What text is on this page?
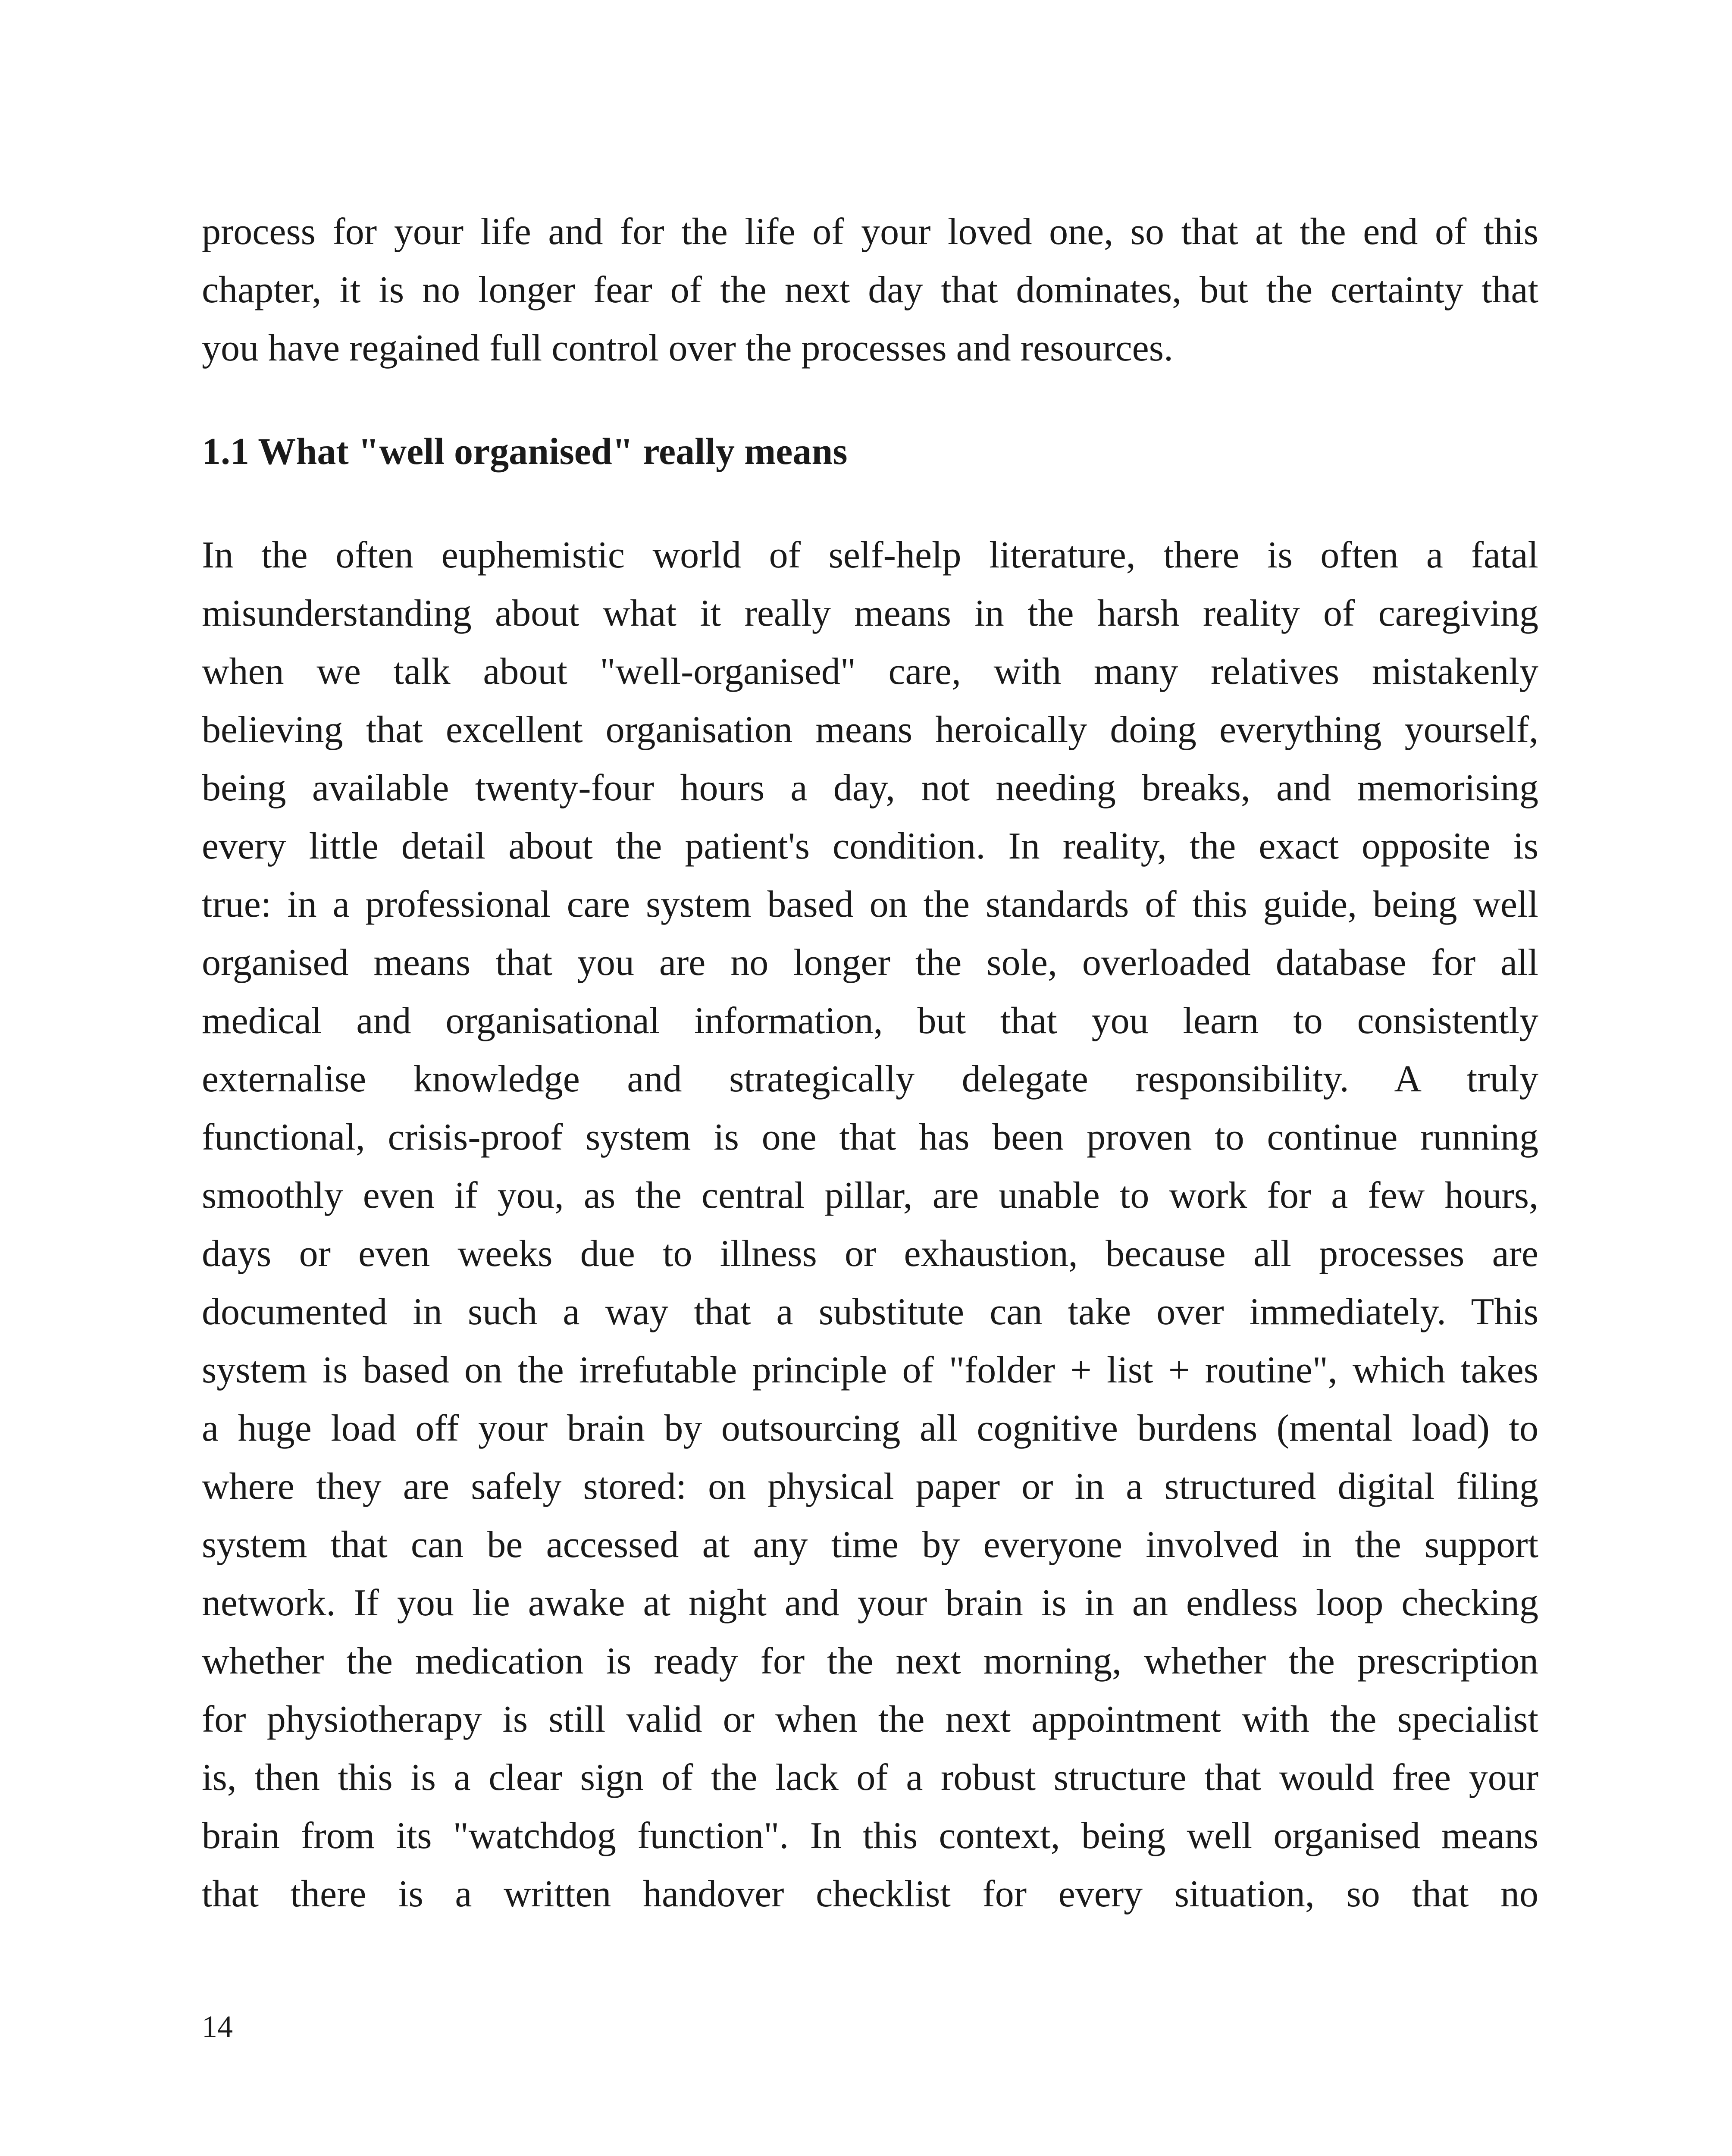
process for your life and for the life of your loved one, so that at the end of this
chapter, it is no longer fear of the next day that dominates, but the certainty that
you have regained full control over the processes and resources.
1.1 What "well organised" really means
In the often euphemistic world of self-help literature, there is often a fatal
misunderstanding about what it really means in the harsh reality of caregiving
when we talk about "well-organised" care, with many relatives mistakenly
believing that excellent organisation means heroically doing everything yourself,
being available twenty-four hours a day, not needing breaks, and memorising
every little detail about the patient's condition. In reality, the exact opposite is
true: in a professional care system based on the standards of this guide, being well
organised means that you are no longer the sole, overloaded database for all
medical and organisational information, but that you learn to consistently
externalise knowledge and strategically delegate responsibility. A truly
functional, crisis-proof system is one that has been proven to continue running
smoothly even if you, as the central pillar, are unable to work for a few hours,
days or even weeks due to illness or exhaustion, because all processes are
documented in such a way that a substitute can take over immediately. This
system is based on the irrefutable principle of "folder + list + routine", which takes
a huge load off your brain by outsourcing all cognitive burdens (mental load) to
where they are safely stored: on physical paper or in a structured digital filing
system that can be accessed at any time by everyone involved in the support
network. If you lie awake at night and your brain is in an endless loop checking
whether the medication is ready for the next morning, whether the prescription
for physiotherapy is still valid or when the next appointment with the specialist
is, then this is a clear sign of the lack of a robust structure that would free your
brain from its "watchdog function". In this context, being well organised means
that there is a written handover checklist for every situation, so that no
14
